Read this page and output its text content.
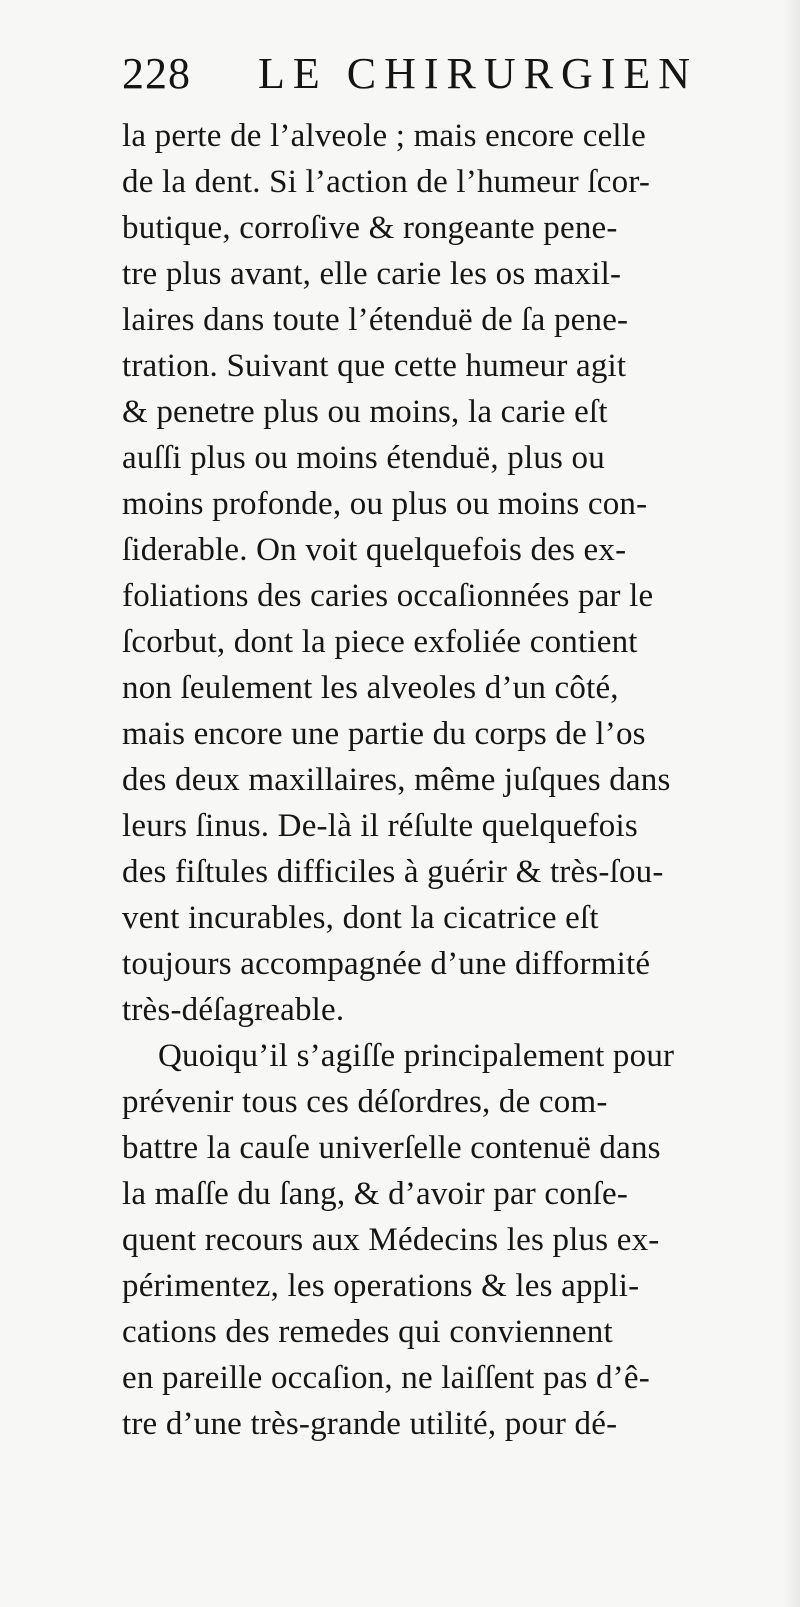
228 LE CHIRURGIEN
la perte de l’alveole ; mais encore celle
de la dent. Si l’action de l’humeur ſcor-
butique, corroſive & rongeante pene-
tre plus avant, elle carie les os maxil-
laires dans toute l’étenduë de ſa pene-
tration. Suivant que cette humeur agit
& penetre plus ou moins, la carie eſt
auſſi plus ou moins étenduë, plus ou
moins profonde, ou plus ou moins con-
ſiderable. On voit quelquefois des ex-
foliations des caries occaſionnées par le
ſcorbut, dont la piece exfoliée contient
non ſeulement les alveoles d’un côté,
mais encore une partie du corps de l’os
des deux maxillaires, même juſques dans
leurs ſinus. De-là il réſulte quelquefois
des fiſtules difficiles à guérir & très-ſou-
vent incurables, dont la cicatrice eſt
toujours accompagnée d’une difformité
très-déſagreable.
Quoiqu’il s’agiſſe principalement pour
prévenir tous ces déſordres, de com-
battre la cauſe univerſelle contenuë dans
la maſſe du ſang, & d’avoir par conſe-
quent recours aux Médecins les plus ex-
périmentez, les operations & les appli-
cations des remedes qui conviennent
en pareille occaſion, ne laiſſent pas d’ê-
tre d’une très-grande utilité, pour dé-
